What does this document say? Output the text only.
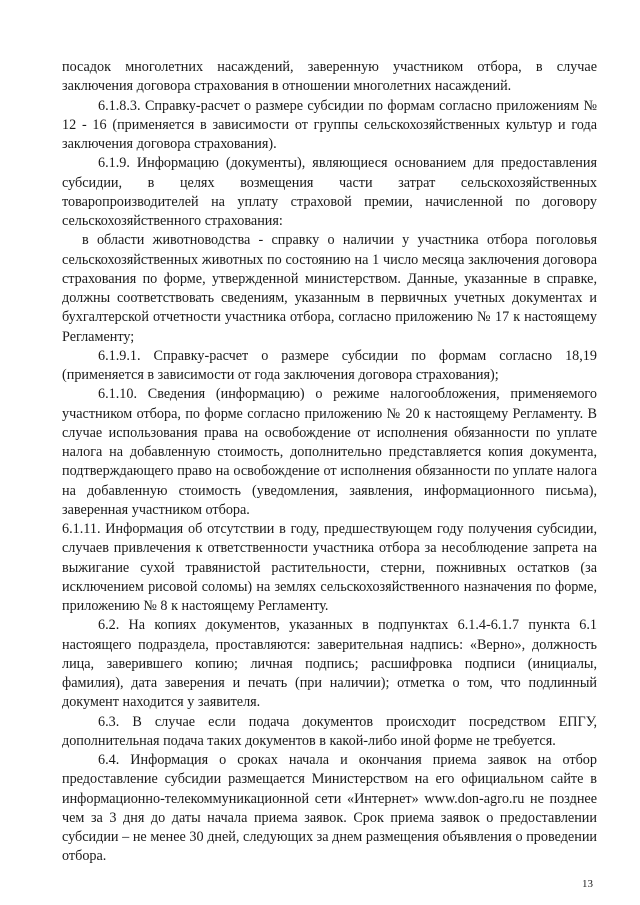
посадок многолетних насаждений, заверенную участником отбора, в случае заключения договора страхования в отношении многолетних насаждений.

6.1.8.3. Справку-расчет о размере субсидии по формам согласно приложениям № 12 - 16 (применяется в зависимости от группы сельскохозяйственных культур и года заключения договора страхования).

6.1.9. Информацию (документы), являющиеся основанием для предоставления субсидии, в целях возмещения части затрат сельскохозяйственных товаропроизводителей на уплату страховой премии, начисленной по договору сельскохозяйственного страхования:

в области животноводства - справку о наличии у участника отбора поголовья сельскохозяйственных животных по состоянию на 1 число месяца заключения договора страхования по форме, утвержденной министерством. Данные, указанные в справке, должны соответствовать сведениям, указанным в первичных учетных документах и бухгалтерской отчетности участника отбора, согласно приложению № 17 к настоящему Регламенту;

6.1.9.1. Справку-расчет о размере субсидии по формам согласно 18,19 (применяется в зависимости от года заключения договора страхования);

6.1.10. Сведения (информацию) о режиме налогообложения, применяемого участником отбора, по форме согласно приложению № 20 к настоящему Регламенту. В случае использования права на освобождение от исполнения обязанности по уплате налога на добавленную стоимость, дополнительно представляется копия документа, подтверждающего право на освобождение от исполнения обязанности по уплате налога на добавленную стоимость (уведомления, заявления, информационного письма), заверенная участником отбора.

6.1.11. Информация об отсутствии в году, предшествующем году получения субсидии, случаев привлечения к ответственности участника отбора за несоблюдение запрета на выжигание сухой травянистой растительности, стерни, пожнивных остатков (за исключением рисовой соломы) на землях сельскохозяйственного назначения по форме, приложению № 8 к настоящему Регламенту.

6.2. На копиях документов, указанных в подпунктах 6.1.4-6.1.7 пункта 6.1 настоящего подраздела, проставляются: заверительная надпись: «Верно», должность лица, заверившего копию; личная подпись; расшифровка подписи (инициалы, фамилия), дата заверения и печать (при наличии); отметка о том, что подлинный документ находится у заявителя.

6.3. В случае если подача документов происходит посредством ЕПГУ, дополнительная подача таких документов в какой-либо иной форме не требуется.

6.4. Информация о сроках начала и окончания приема заявок на отбор предоставление субсидии размещается Министерством на его официальном сайте в информационно-телекоммуникационной сети «Интернет» www.don-agro.ru не позднее чем за 3 дня до даты начала приема заявок. Срок приема заявок о предоставлении субсидии – не менее 30 дней, следующих за днем размещения объявления о проведении отбора.

13
